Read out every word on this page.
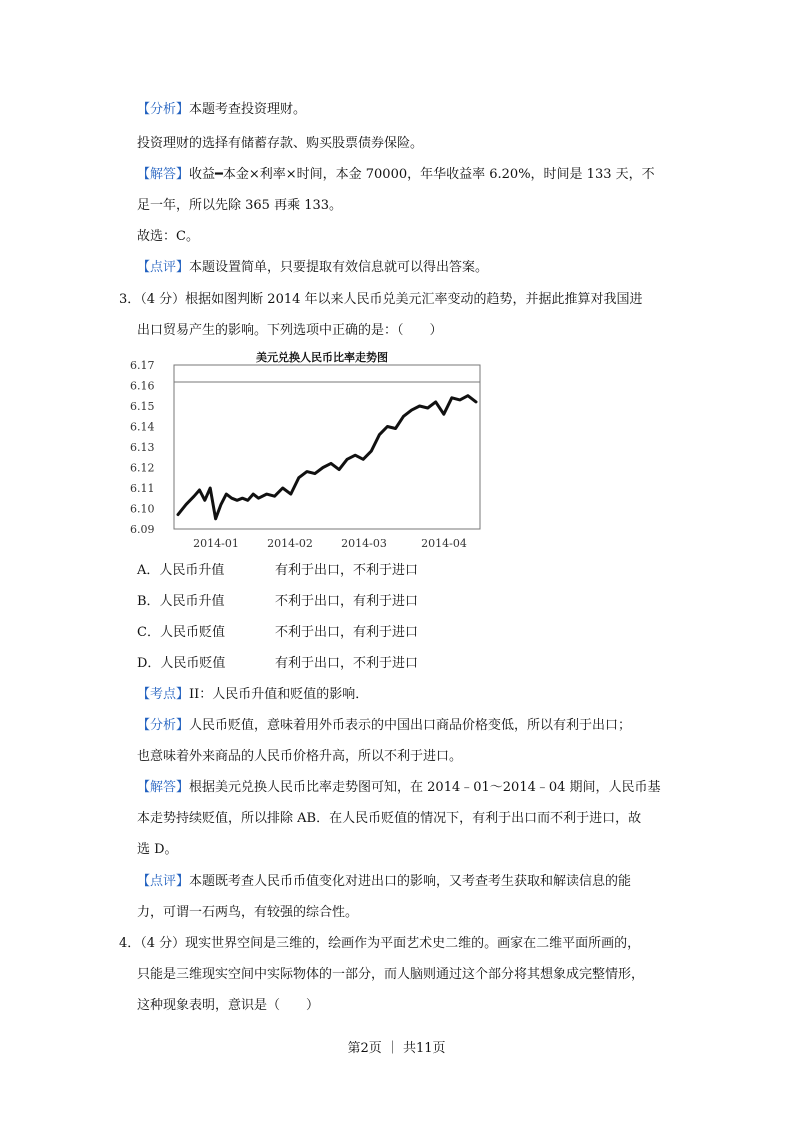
【分析】本题考查投资理财。
投资理财的选择有储蓄存款、购买股票债券保险。
【解答】收益━本金×利率×时间，本金 70000，年华收益率 6.20%，时间是 133 天，不
足一年，所以先除 365 再乘 133。
故选：C。
【点评】本题设置简单，只要提取有效信息就可以得出答案。
3．（4 分）根据如图判断 2014 年以来人民币兑美元汇率变动的趋势，并据此推算对我国进
出口贸易产生的影响。下列选项中正确的是：（　　）
美元兑换人民币比率走势图
6.17
6.16
6.15
6.14
6.13
6.12
6.11
6.10
6.09
2014-01	2014-02	2014-03	2014-04
A．人民币升值	有利于出口，不利于进口
B．人民币升值	不利于出口，有利于进口
C．人民币贬值	不利于出口，有利于进口
D．人民币贬值	有利于出口，不利于进口
【考点】II：人民币升值和贬值的影响．
【分析】人民币贬值，意味着用外币表示的中国出口商品价格变低，所以有利于出口；
也意味着外来商品的人民币价格升高，所以不利于进口。
【解答】根据美元兑换人民币比率走势图可知，在 2014﹣01～2014﹣04 期间，人民币基
本走势持续贬值，所以排除 AB．在人民币贬值的情况下，有利于出口而不利于进口，故
选 D。
【点评】本题既考查人民币币值变化对进出口的影响，又考查考生获取和解读信息的能
力，可谓一石两鸟，有较强的综合性。
4．（4 分）现实世界空间是三维的，绘画作为平面艺术史二维的。画家在二维平面所画的，
只能是三维现实空间中实际物体的一部分，而人脑则通过这个部分将其想象成完整情形，
这种现象表明，意识是（　　）
第2页 ｜ 共11页
